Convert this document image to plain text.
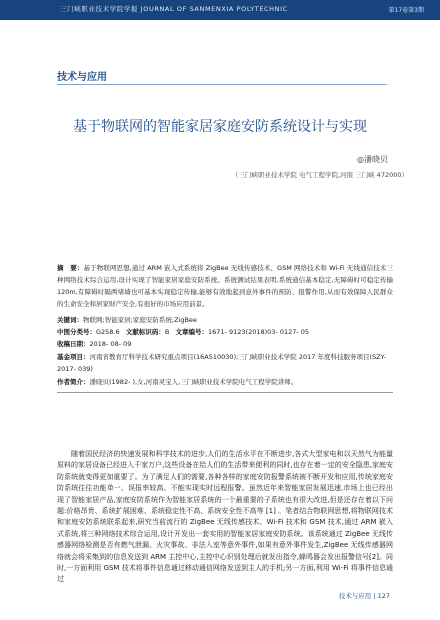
三门峡职业技术学院学报 JOURNAL OF SANMENXIA POLYTECHNIC	第17卷第3期
技术与应用
基于物联网的智能家居家庭安防系统设计与实现
◎潘晓贝
（三门峡职业技术学院 电气工程学院,河南 三门峡 472000）
摘　要：基于物联网思想,通过 ARM 嵌入式系统将 ZigBee 无线传感技术、GSM 网络技术和 Wi-Fi 无线通信技术三种网络技术综合运用,设计实现了智能家居家庭安防系统。系统测试结果表明,系统通信基本稳定,无障碍时可稳定传输 120m,有障碍时隔两堵墙也可基本实现稳定传输,能够有效地起到意外事件的预防、报警作用,从而有效保障人民群众的生命安全和居家财产安全,有很好的市场应用前景。
关键词：物联网;智能家居;家庭安防系统;ZigBee
中图分类号：G258.6 文献标识码：B 文章编号：1671- 9123(2018)03- 0127- 05
收稿日期：2018- 08- 09
基金项目：河南省教育厅科学技术研究重点项目(16A510030);三门峡职业技术学院 2017 年度科技服务项目(SZY- 2017- 039)
作者简介：潘晓贝(1982- ),女,河南灵宝人,三门峡职业技术学院电气工程学院讲师。
随着国民经济的快速发展和科学技术的进步,人们的生活水平在不断进步,各式大型家电和以天然气为能量原料的家居设备已经进入千家万户,这些设备在给人们的生活带来便利的同时,也存在着一定的安全隐患,家庭安防系统就变得更加重要了。为了满足人们的需要,各种各样的家庭安防报警系统被不断开发和应用,传统家庭安防系统往往功能单一、误报率较高、不能实现实时远程报警。虽然近年来智能家居发展迅速,市场上也已经出现了智能家居产品,家庭安防系统作为智能家居系统的一个最重要的子系统也有很大改进,但是还存在着以下问题:价格昂贵、系统扩展困难、系统稳定性不高、系统安全性不高等 [1] 。笔者结合物联网思想,将物联网技术和家庭安防系统联系起来,研究当前流行的 ZigBee 无线传感技术、Wi-Fi 技术和 GSM 技术,通过 ARM 嵌入式系统,将三种网络技术综合运用,设计开发出一套实用的智能家居家庭安防系统。该系统通过 ZigBee 无线传感器网络检测是否有燃气泄漏、火灾事故、非法入室等意外事件,如果有意外事件发生,ZigBee 无线传感器网络就会将采集到的信息发送到 ARM 主控中心,主控中心识别处理后就发出指令,蜂鸣器会发出报警信号[2]。同时,一方面利用 GSM 技术将事件信息通过移动通信网络发送到主人的手机;另一方面,利用 Wi-Fi 将事件信息通过
技术与应用 | 127
